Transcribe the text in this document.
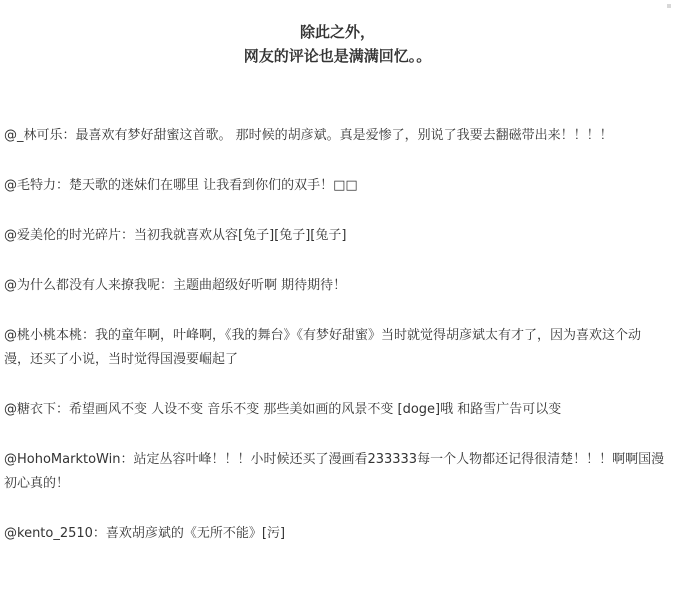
除此之外，
网友的评论也是满满回忆。。

@_林可乐：最喜欢有梦好甜蜜这首歌。 那时候的胡彦斌。真是爱惨了，别说了我要去翻磁带出来！！！！

@毛特力：楚天歌的迷妹们在哪里 让我看到你们的双手！□□

@爱美伦的时光碎片：当初我就喜欢从容[兔子][兔子][兔子]

@为什么都没有人来撩我呢：主题曲超级好听啊 期待期待！

@桃小桃本桃：我的童年啊，叶峰啊，《我的舞台》《有梦好甜蜜》当时就觉得胡彦斌太有才了，因为喜欢这个动漫，还买了小说，当时觉得国漫要崛起了

@糖衣下：希望画风不变 人设不变 音乐不变 那些美如画的风景不变 [doge]哦 和路雪广告可以变

@HohoMarktoWin：站定丛容叶峰！！！小时候还买了漫画看233333每一个人物都还记得很清楚！！！啊啊国漫初心真的！

@kento_2510：喜欢胡彦斌的《无所不能》[污]
